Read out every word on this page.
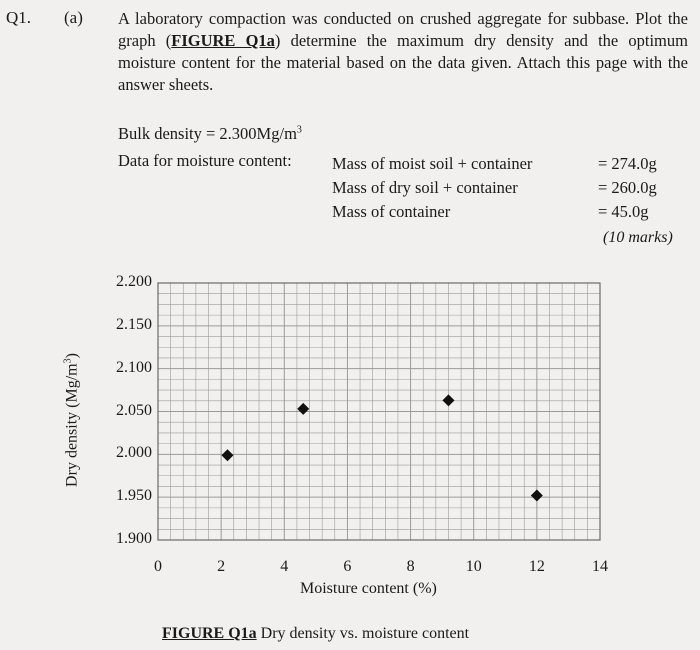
Q1. (a) A laboratory compaction was conducted on crushed aggregate for subbase. Plot the graph (FIGURE Q1a) determine the maximum dry density and the optimum moisture content for the material based on the data given. Attach this page with the answer sheets.
Bulk density = $2.300Mg/m^3$
Data for moisture content: Mass of moist soil + container	= 274.0g
Mass of dry soil + container	= 260.0g
Mass of container	= 45.0g
(10 marks)
Dry density $(Mg/m^3)$
1.900
1.950
2.000
2.050
2.100
2.150
2.200
0	2	4	6	8	10	12	14
Moisture content (%)
FIGURE Q1a Dry density vs. moisture content
